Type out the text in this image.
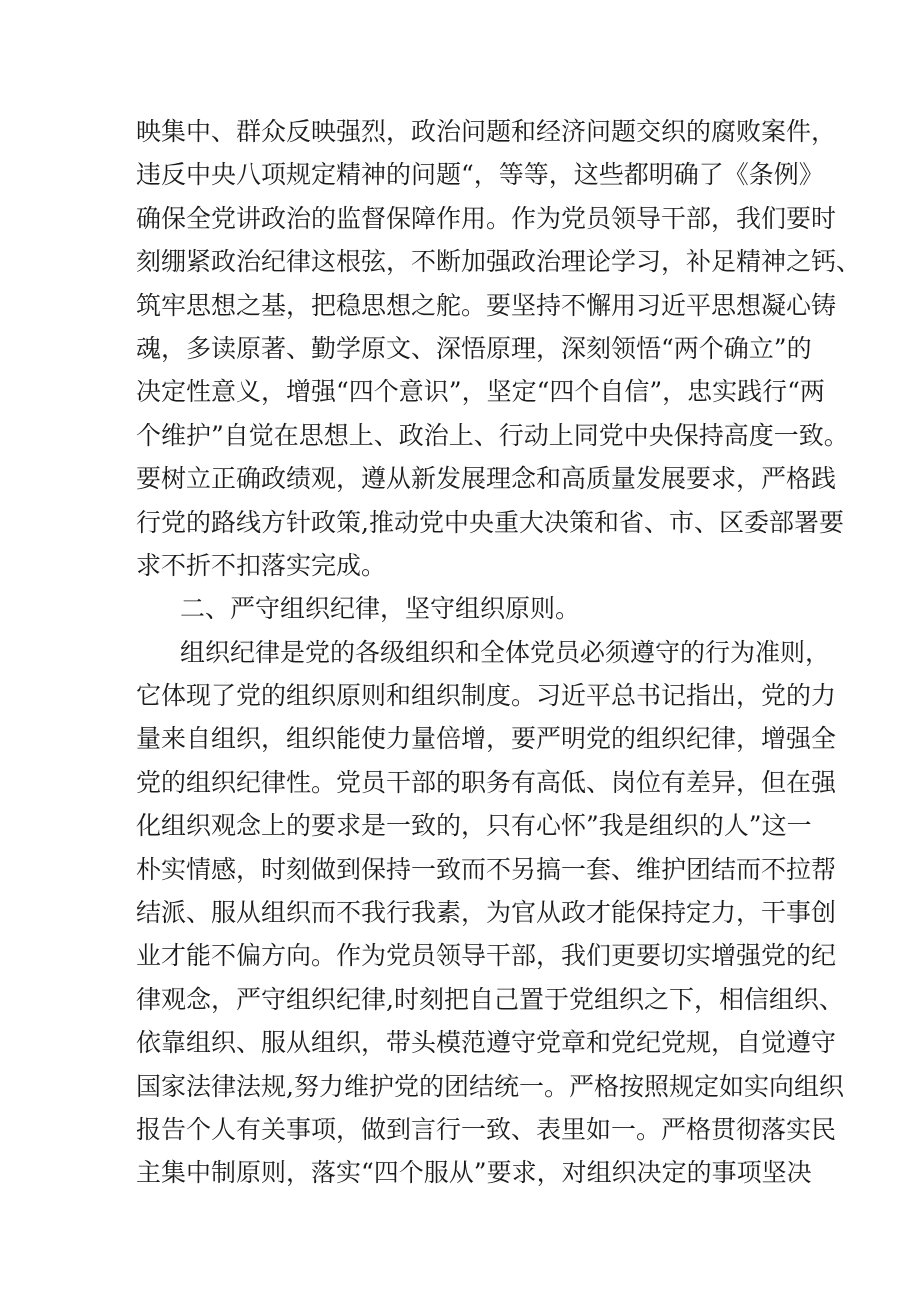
映集中、群众反映强烈，政治问题和经济问题交织的腐败案件，
违反中央八项规定精神的问题“，等等，这些都明确了《条例》
确保全党讲政治的监督保障作用。作为党员领导干部，我们要时
刻绷紧政治纪律这根弦，不断加强政治理论学习，补足精神之钙、
筑牢思想之基，把稳思想之舵。要坚持不懈用习近平思想凝心铸
魂，多读原著、勤学原文、深悟原理，深刻领悟“两个确立”的
决定性意义，增强“四个意识”，坚定“四个自信”，忠实践行“两
个维护”自觉在思想上、政治上、行动上同党中央保持高度一致。
要树立正确政绩观，遵从新发展理念和高质量发展要求，严格践
行党的路线方针政策,推动党中央重大决策和省、市、区委部署要
求不折不扣落实完成。
二、严守组织纪律，坚守组织原则。
组织纪律是党的各级组织和全体党员必须遵守的行为准则，
它体现了党的组织原则和组织制度。习近平总书记指出，党的力
量来自组织，组织能使力量倍增，要严明党的组织纪律，增强全
党的组织纪律性。党员干部的职务有高低、岗位有差异，但在强
化组织观念上的要求是一致的，只有心怀”我是组织的人”这一
朴实情感，时刻做到保持一致而不另搞一套、维护团结而不拉帮
结派、服从组织而不我行我素，为官从政才能保持定力，干事创
业才能不偏方向。作为党员领导干部，我们更要切实增强党的纪
律观念，严守组织纪律,时刻把自己置于党组织之下，相信组织、
依靠组织、服从组织，带头模范遵守党章和党纪党规，自觉遵守
国家法律法规,努力维护党的团结统一。严格按照规定如实向组织
报告个人有关事项，做到言行一致、表里如一。严格贯彻落实民
主集中制原则，落实“四个服从”要求，对组织决定的事项坚决
